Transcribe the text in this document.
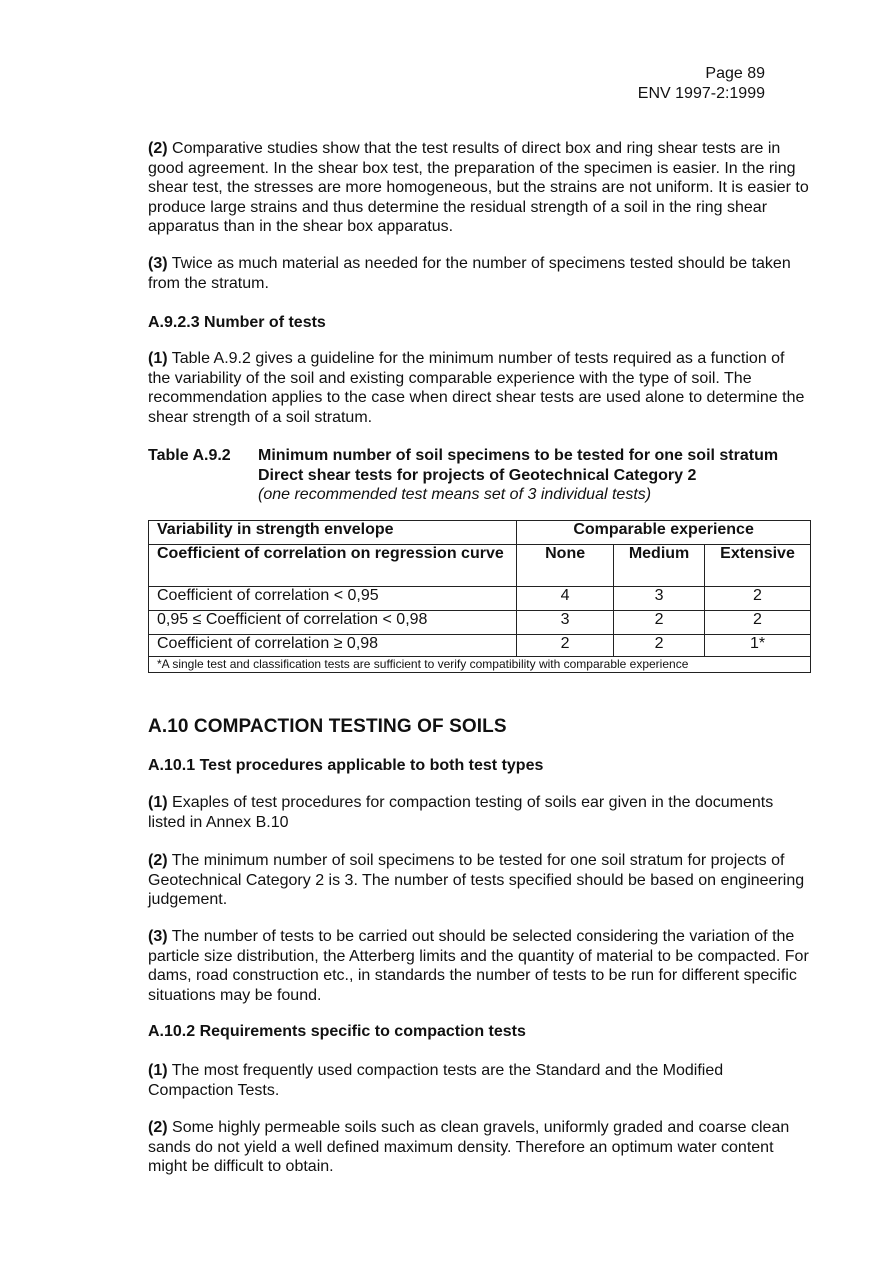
Page 89
ENV 1997-2:1999
(2) Comparative studies show that the test results of direct box and ring shear tests are in good agreement. In the shear box test, the preparation of the specimen is easier. In the ring shear test, the stresses are more homogeneous, but the strains are not uniform. It is easier to produce large strains and thus determine the residual strength of a soil in the ring shear apparatus than in the shear box apparatus.
(3) Twice as much material as needed for the number of specimens tested should be taken from the stratum.
A.9.2.3 Number of tests
(1) Table A.9.2 gives a guideline for the minimum number of tests required as a function of the variability of the soil and existing comparable experience with the type of soil. The recommendation applies to the case when direct shear tests are used alone to determine the shear strength of a soil stratum.
Table A.9.2 Minimum number of soil specimens to be tested for one soil stratum
Direct shear tests for projects of Geotechnical Category 2
(one recommended test means set of 3 individual tests)
Variability in strength envelope	Comparable experience		
Coefficient of correlation on regression curve	None	Medium	Extensive
Coefficient of correlation < 0,95	4	3	2
0,95 ≤ Coefficient of correlation < 0,98	3	2	2
Coefficient of correlation ≥ 0,98	2	2	1*
*A single test and classification tests are sufficient to verify compatibility with comparable experience			
A.10 COMPACTION TESTING OF SOILS
A.10.1 Test procedures applicable to both test types
(1) Exaples of test procedures for compaction testing of soils ear given in the documents listed in Annex B.10
(2) The minimum number of soil specimens to be tested for one soil stratum for projects of Geotechnical Category 2 is 3. The number of tests specified should be based on engineering judgement.
(3) The number of tests to be carried out should be selected considering the variation of the particle size distribution, the Atterberg limits and the quantity of material to be compacted. For dams, road construction etc., in standards the number of tests to be run for different specific situations may be found.
A.10.2 Requirements specific to compaction tests
(1) The most frequently used compaction tests are the Standard and the Modified Compaction Tests.
(2) Some highly permeable soils such as clean gravels, uniformly graded and coarse clean sands do not yield a well defined maximum density. Therefore an optimum water content might be difficult to obtain.
